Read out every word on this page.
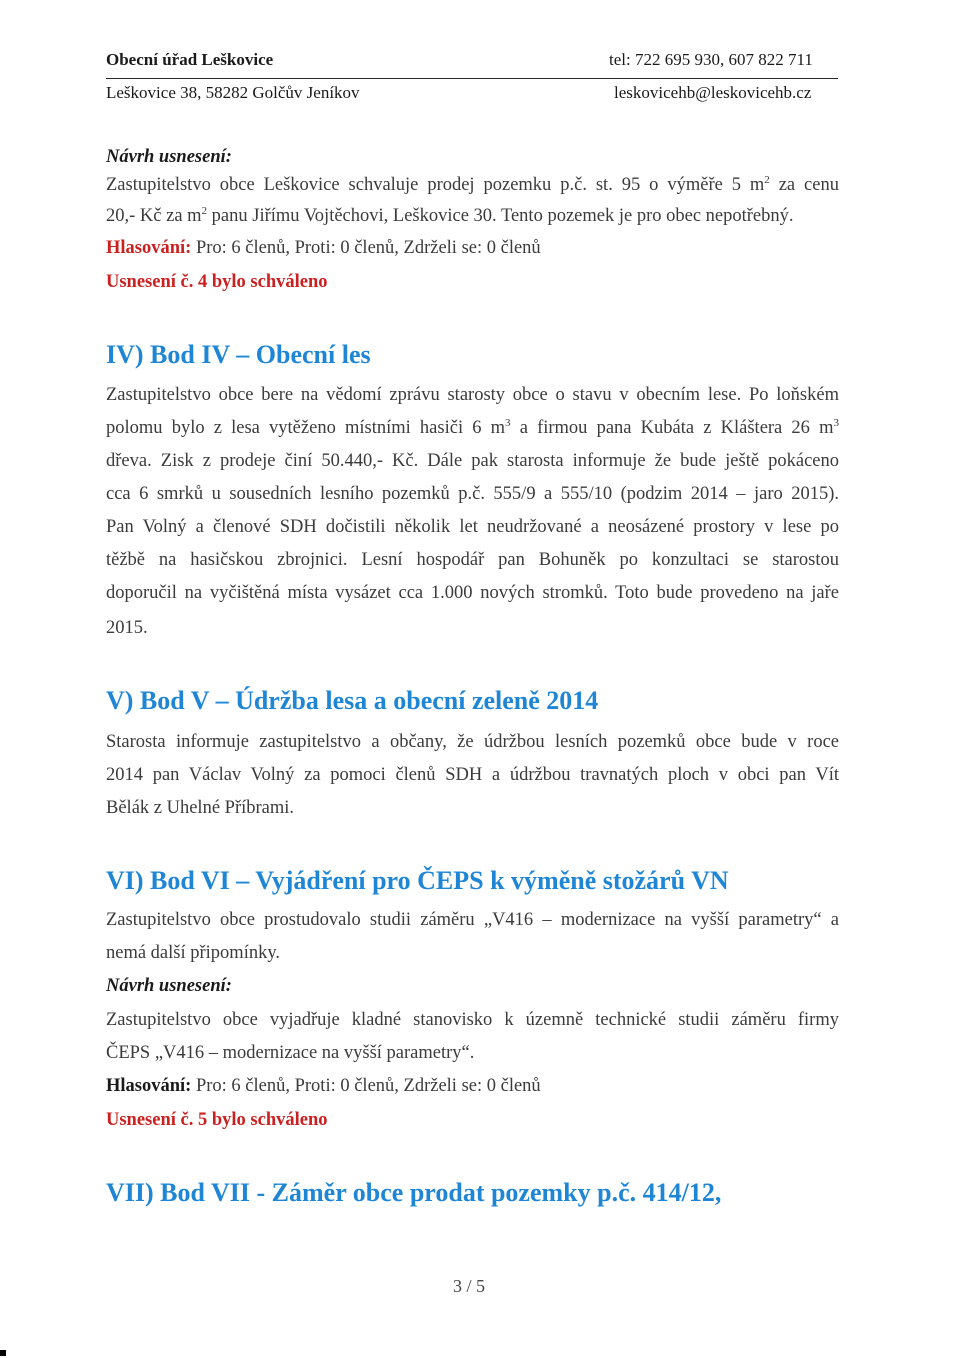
Obecní úřad Leškovice	tel: 722 695 930, 607 822 711
Leškovice 38, 58282 Golčův Jeníkov	leskovicehb@leskovicehb.cz
Návrh usnesení:
Zastupitelstvo obce Leškovice schvaluje prodej pozemku p.č. st. 95 o výměře 5 $m^2$ za cenu
20,- Kč za $m^2$ panu Jiřímu Vojtěchovi, Leškovice 30. Tento pozemek je pro obec nepotřebný.
Hlasování: Pro: 6 členů, Proti: 0 členů, Zdrželi se: 0 členů
Usnesení č. 4 bylo schváleno
IV) Bod IV – Obecní les
Zastupitelstvo obce bere na vědomí zprávu starosty obce o stavu v obecním lese. Po loňském
polomu bylo z lesa vytěženo místními hasiči 6 $m^3$ a firmou pana Kubáta z Kláštera 26 $m^3$
dřeva. Zisk z prodeje činí 50.440,- Kč. Dále pak starosta informuje že bude ještě pokáceno
cca 6 smrků u sousedních lesního pozemků p.č. 555/9 a 555/10 (podzim 2014 – jaro 2015).
Pan Volný a členové SDH dočistili několik let neudržované a neosázené prostory v lese po
těžbě na hasičskou zbrojnici. Lesní hospodář pan Bohuněk po konzultaci se starostou
doporučil na vyčištěná místa vysázet cca 1.000 nových stromků. Toto bude provedeno na jaře
2015.
V) Bod V – Údržba lesa a obecní zeleně 2014
Starosta informuje zastupitelstvo a občany, že údržbou lesních pozemků obce bude v roce
2014 pan Václav Volný za pomoci členů SDH a údržbou travnatých ploch v obci pan Vít
Bělák z Uhelné Příbrami.
VI) Bod VI – Vyjádření pro ČEPS k výměně stožárů VN
Zastupitelstvo obce prostudovalo studii záměru „V416 – modernizace na vyšší parametry“ a
nemá další připomínky.
Návrh usnesení:
Zastupitelstvo obce vyjadřuje kladné stanovisko k územně technické studii záměru firmy
ČEPS „V416 – modernizace na vyšší parametry“.
Hlasování: Pro: 6 členů, Proti: 0 členů, Zdrželi se: 0 členů
Usnesení č. 5 bylo schváleno
VII) Bod VII - Záměr obce prodat pozemky p.č. 414/12,
3 / 5
